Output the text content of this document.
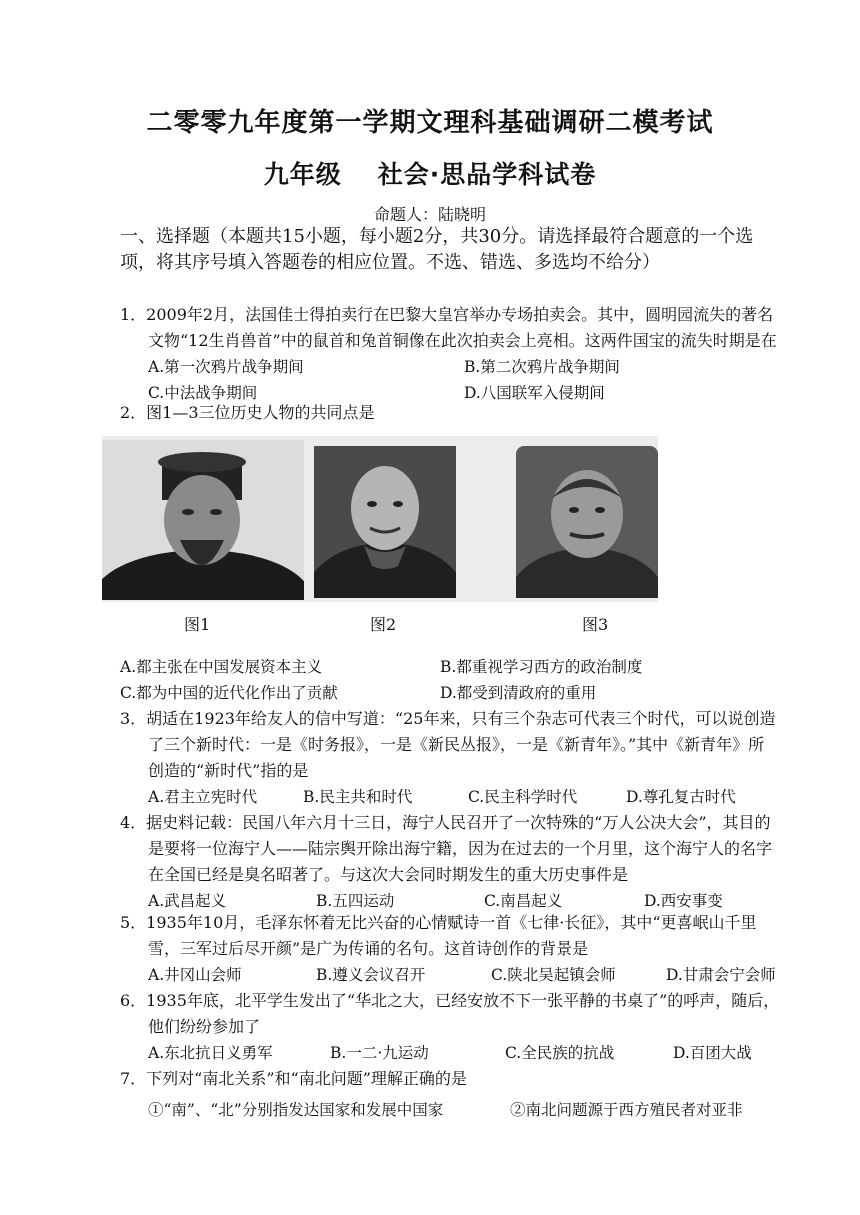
二零零九年度第一学期文理科基础调研二模考试
九年级 社会·思品学科试卷
命题人：陆晓明
一、选择题（本题共15小题，每小题2分，共30分。请选择最符合题意的一个选项，将其序号填入答题卷的相应位置。不选、错选、多选均不给分）
1．2009年2月，法国佳士得拍卖行在巴黎大皇宫举办专场拍卖会。其中，圆明园流失的著名文物“12生肖兽首”中的鼠首和兔首铜像在此次拍卖会上亮相。这两件国宝的流失时期是在
A.第一次鸦片战争期间	B.第二次鸦片战争期间
C.中法战争期间	D.八国联军入侵期间
2．图1—3三位历史人物的共同点是
图1	图2	图3
A.都主张在中国发展资本主义	B.都重视学习西方的政治制度
C.都为中国的近代化作出了贡献	D.都受到清政府的重用
3．胡适在1923年给友人的信中写道：“25年来，只有三个杂志可代表三个时代，可以说创造了三个新时代：一是《时务报》，一是《新民丛报》，一是《新青年》。”其中《新青年》所创造的“新时代”指的是
A.君主立宪时代	B.民主共和时代	C.民主科学时代	D.尊孔复古时代
4．据史料记载：民国八年六月十三日，海宁人民召开了一次特殊的“万人公决大会”，其目的是要将一位海宁人——陆宗舆开除出海宁籍，因为在过去的一个月里，这个海宁人的名字在全国已经是臭名昭著了。与这次大会同时期发生的重大历史事件是
A.武昌起义	B.五四运动	C.南昌起义	D.西安事变
5．1935年10月，毛泽东怀着无比兴奋的心情赋诗一首《七律·长征》，其中“更喜岷山千里雪，三军过后尽开颜”是广为传诵的名句。这首诗创作的背景是
A.井冈山会师	B.遵义会议召开	C.陕北吴起镇会师	D.甘肃会宁会师
6．1935年底，北平学生发出了“华北之大，已经安放不下一张平静的书桌了”的呼声，随后，他们纷纷参加了
A.东北抗日义勇军	B.一二·九运动	C.全民族的抗战	D.百团大战
7．下列对“南北关系”和“南北问题”理解正确的是
①“南”、“北”分别指发达国家和发展中国家	②南北问题源于西方殖民者对亚非
